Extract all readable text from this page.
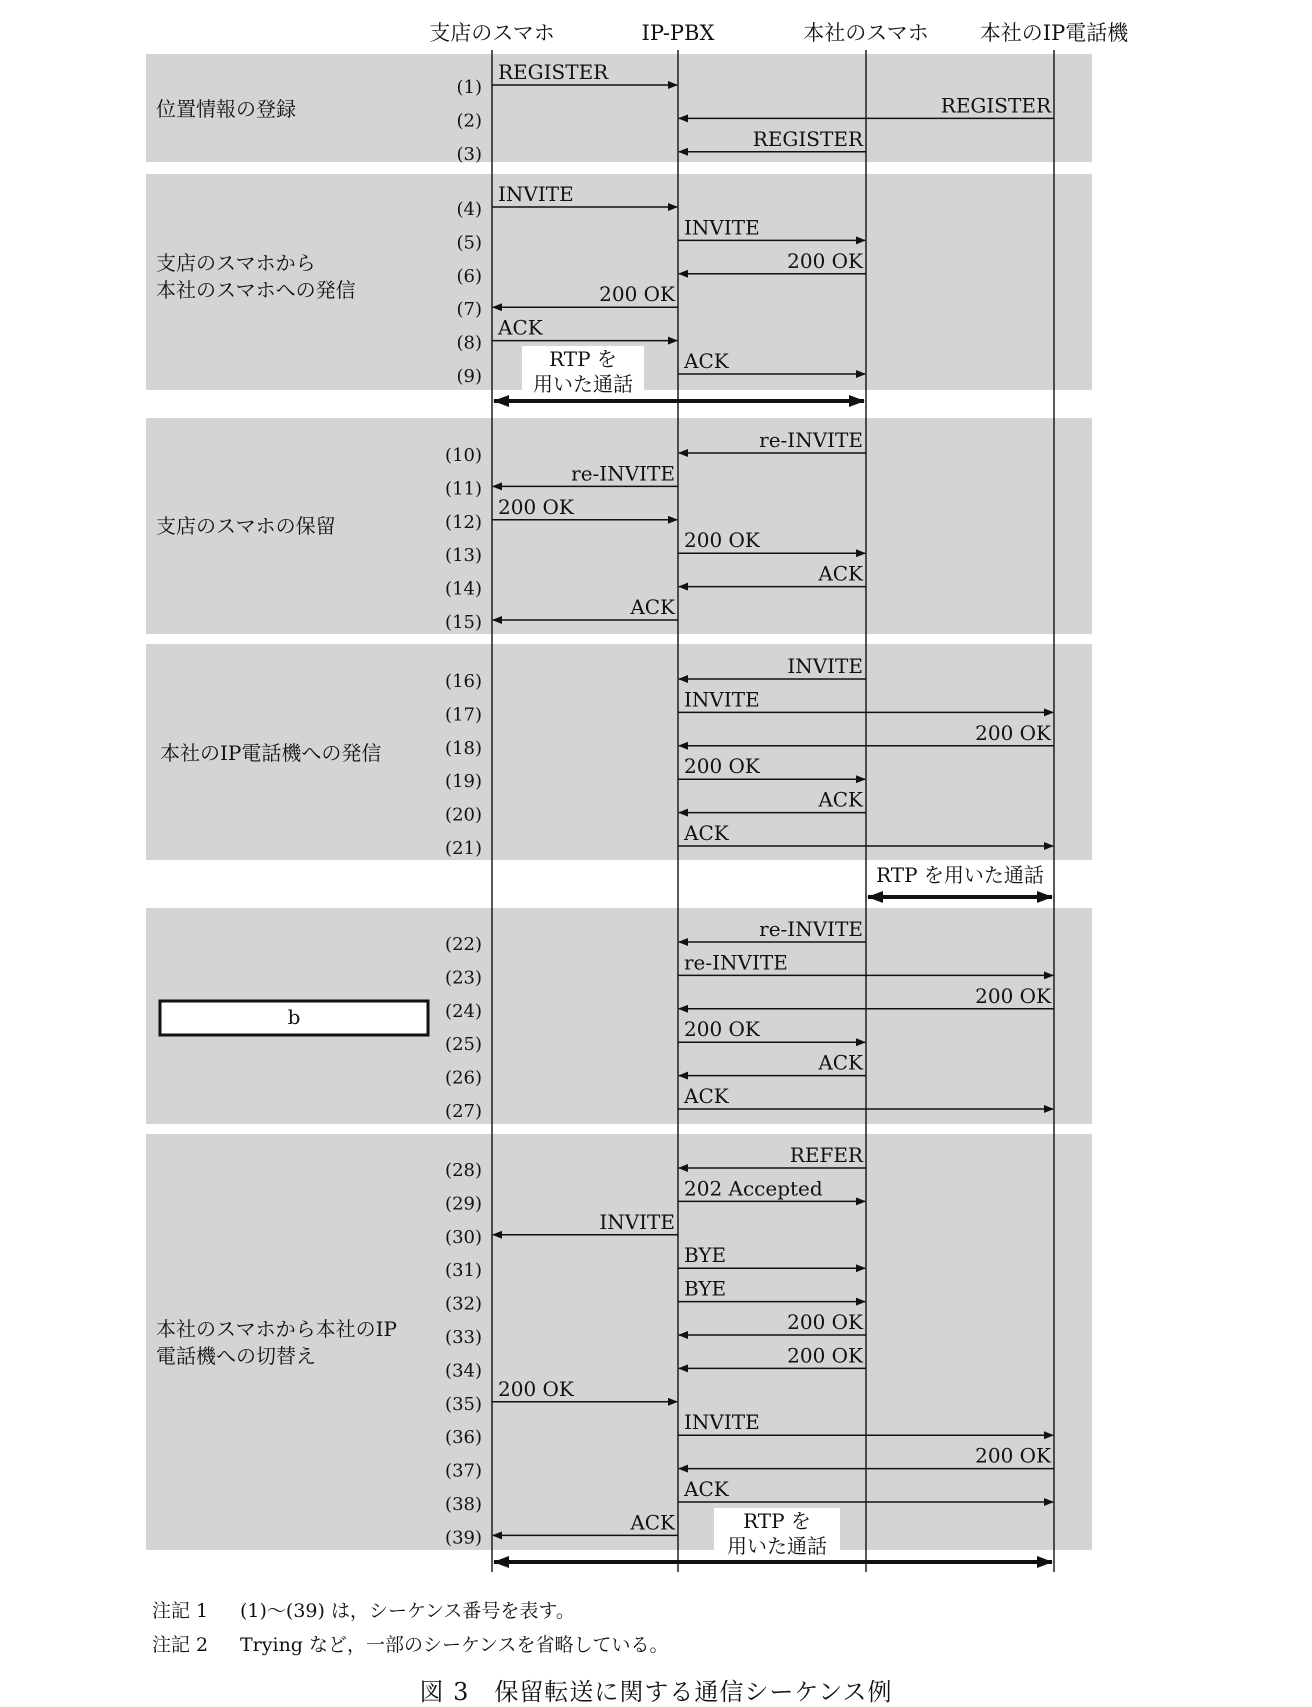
支店のスマホ	IP-PBX	本社のスマホ 本社のIP電話機
位置情報の登録
支店のスマホから
本社のスマホへの発信
支店のスマホの保留
本社のIP電話機への発信
b
本社のスマホから本社のIP
電話機への切替え
REGISTER
(1)
REGISTER
(2)
REGISTER
(3)
INVITE
(4)
INVITE
(5)
200 OK
(6)
200 OK
(7)
ACK
(8)
ACK
(9)
re-INVITE
(10)
re-INVITE
(11)
200 OK
(12)
200 OK
(13)
ACK
(14)
ACK
(15)
INVITE
(16)
INVITE
(17)
200 OK
(18)
200 OK
(19)
ACK
(20)
ACK
(21)
re-INVITE
(22)
re-INVITE
(23)
200 OK
(24)
200 OK
(25)
ACK
(26)
ACK
(27)
REFER
(28)
202 Accepted
(29)
INVITE
(30)
BYE
(31)
BYE
(32)
200 OK
(33)
200 OK
(34)
200 OK
(35)
INVITE
(36)
200 OK
(37)
ACK
(38)
ACK
(39)
RTP を
用いた通話
RTP を用いた通話
RTP を
用いた通話
注記 1 (1)～(39) は，シーケンス番号を表す。
注記 2 Trying など，一部のシーケンスを省略している。
図 3　保留転送に関する通信シーケンス例
